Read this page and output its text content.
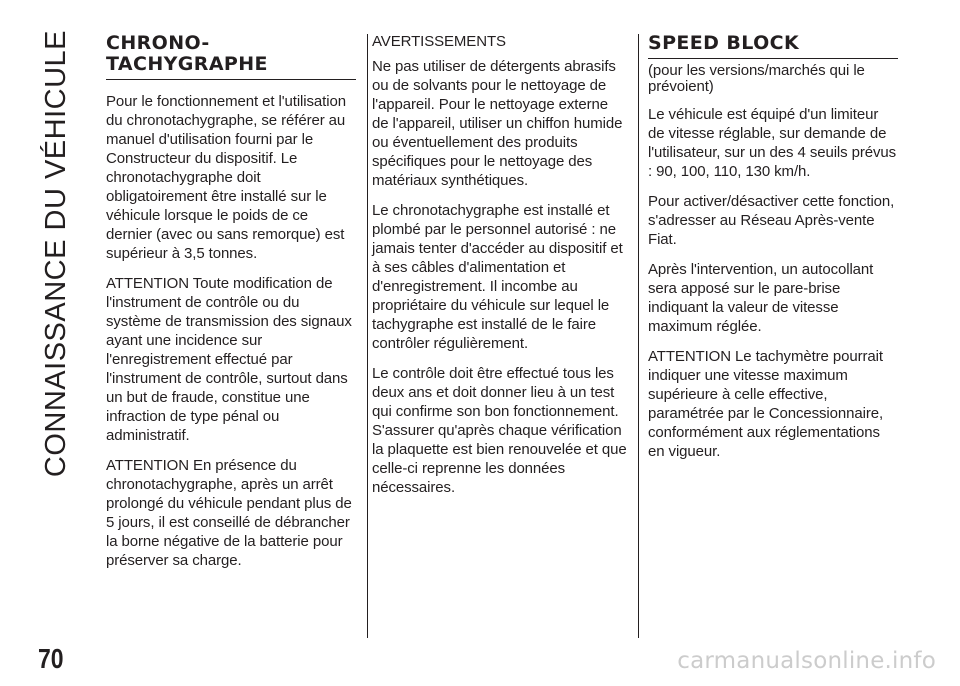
CONNAISSANCE DU VÉHICULE CHRONO-
TACHYGRAPHE

Pour le fonctionnement et l'utilisation du chronotachygraphe, se référer au manuel d'utilisation fourni par le Constructeur du dispositif. Le chronotachygraphe doit obligatoirement être installé sur le véhicule lorsque le poids de ce dernier (avec ou sans remorque) est supérieur à 3,5 tonnes.

ATTENTION Toute modification de l'instrument de contrôle ou du système de transmission des signaux ayant une incidence sur l'enregistrement effectué par l'instrument de contrôle, surtout dans un but de fraude, constitue une infraction de type pénal ou administratif.

ATTENTION En présence du chronotachygraphe, après un arrêt prolongé du véhicule pendant plus de 5 jours, il est conseillé de débrancher la borne négative de la batterie pour préserver sa charge.

AVERTISSEMENTS

Ne pas utiliser de détergents abrasifs ou de solvants pour le nettoyage de l'appareil. Pour le nettoyage externe de l'appareil, utiliser un chiffon humide ou éventuellement des produits spécifiques pour le nettoyage des matériaux synthétiques.

Le chronotachygraphe est installé et plombé par le personnel autorisé : ne jamais tenter d'accéder au dispositif et à ses câbles d'alimentation et d'enregistrement. Il incombe au propriétaire du véhicule sur lequel le tachygraphe est installé de le faire contrôler régulièrement.

Le contrôle doit être effectué tous les deux ans et doit donner lieu à un test qui confirme son bon fonctionnement. S'assurer qu'après chaque vérification la plaquette est bien renouvelée et que celle-ci reprenne les données nécessaires.

SPEED BLOCK

(pour les versions/marchés qui le prévoient)

Le véhicule est équipé d'un limiteur de vitesse réglable, sur demande de l'utilisateur, sur un des 4 seuils prévus : 90, 100, 110, 130 km/h.

Pour activer/désactiver cette fonction, s'adresser au Réseau Après-vente Fiat.

Après l'intervention, un autocollant sera apposé sur le pare-brise indiquant la valeur de vitesse maximum réglée.

ATTENTION Le tachymètre pourrait indiquer une vitesse maximum supérieure à celle effective, paramétrée par le Concessionnaire, conformément aux réglementations en vigueur.

70	carmanualsonline.info
